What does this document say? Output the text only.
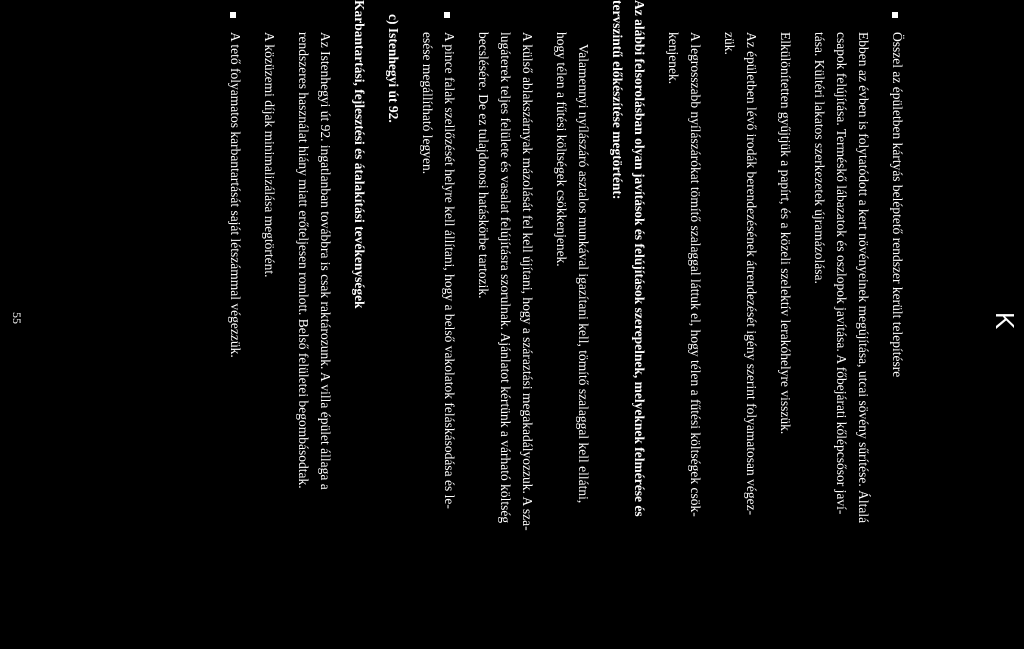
K
Összel az épületben kártyás beléptető rendszer került telepítésre
Ebben az évben is folytatódott a kert növényeinek megújítása, utcai sövény sűrítése. Általá
csapok felújítása. Terméskő lábazatok és oszlopok javítása. A főbejárati kőlépcsősor javí-
tása. Kültéri lakatos szerkezetek újramázolása.
Elkülönítetten gyűjtjük a papírt, és a közeli szelektív lerakóhelyre visszük.
Az épületben lévő irodák berendezésének átrendezését igény szerint folyamatosan végez-
zük.
A legrosszabb nyílászárókat tömítő szalaggal láttuk el, hogy télen a fűtési költségek csök-
kenjenek.
Az alábbi felsorolásban olyan javítások és felújítások szerepelnek, melyeknek felmérése és
tervszintű előkészítése megtörtént:
Valamennyi nyílászáró asztalos munkával igazítani kell, tömítő szalaggal kell ellátni,
hogy télen a fűtési költségek csökkenjenek.
A külső ablakszárnyak mázolását fel kell újítani, hogy a száraztási megakadályozzuk. A sza-
lugáterek teljes felülete és vasalat felújításra szorulnak. Ajánlatot kértünk a várható költség
becslésére. De ez tulajdonosi hatáskörbe tartozik.
A pince falak szellőzését helyre kell állítani, hogy a belső vakolatok feláskásodása és le-
esése megállítható legyen.
c) Istenhegyi út 92.
Karbantartási, fejlesztési és átalakítási tevékenységek
Az Istenhegyi út 92. ingatlanban továbbra is csak raktározunk. A villa épület állaga a
rendszeres használat hiány miatt erőteljesen romlott. Belső felületei begombásodtak.
A közüzemi díjak minimalizálása megtörtént.
A tető folyamatos karbantartását saját létszámmal végezzük.
55
